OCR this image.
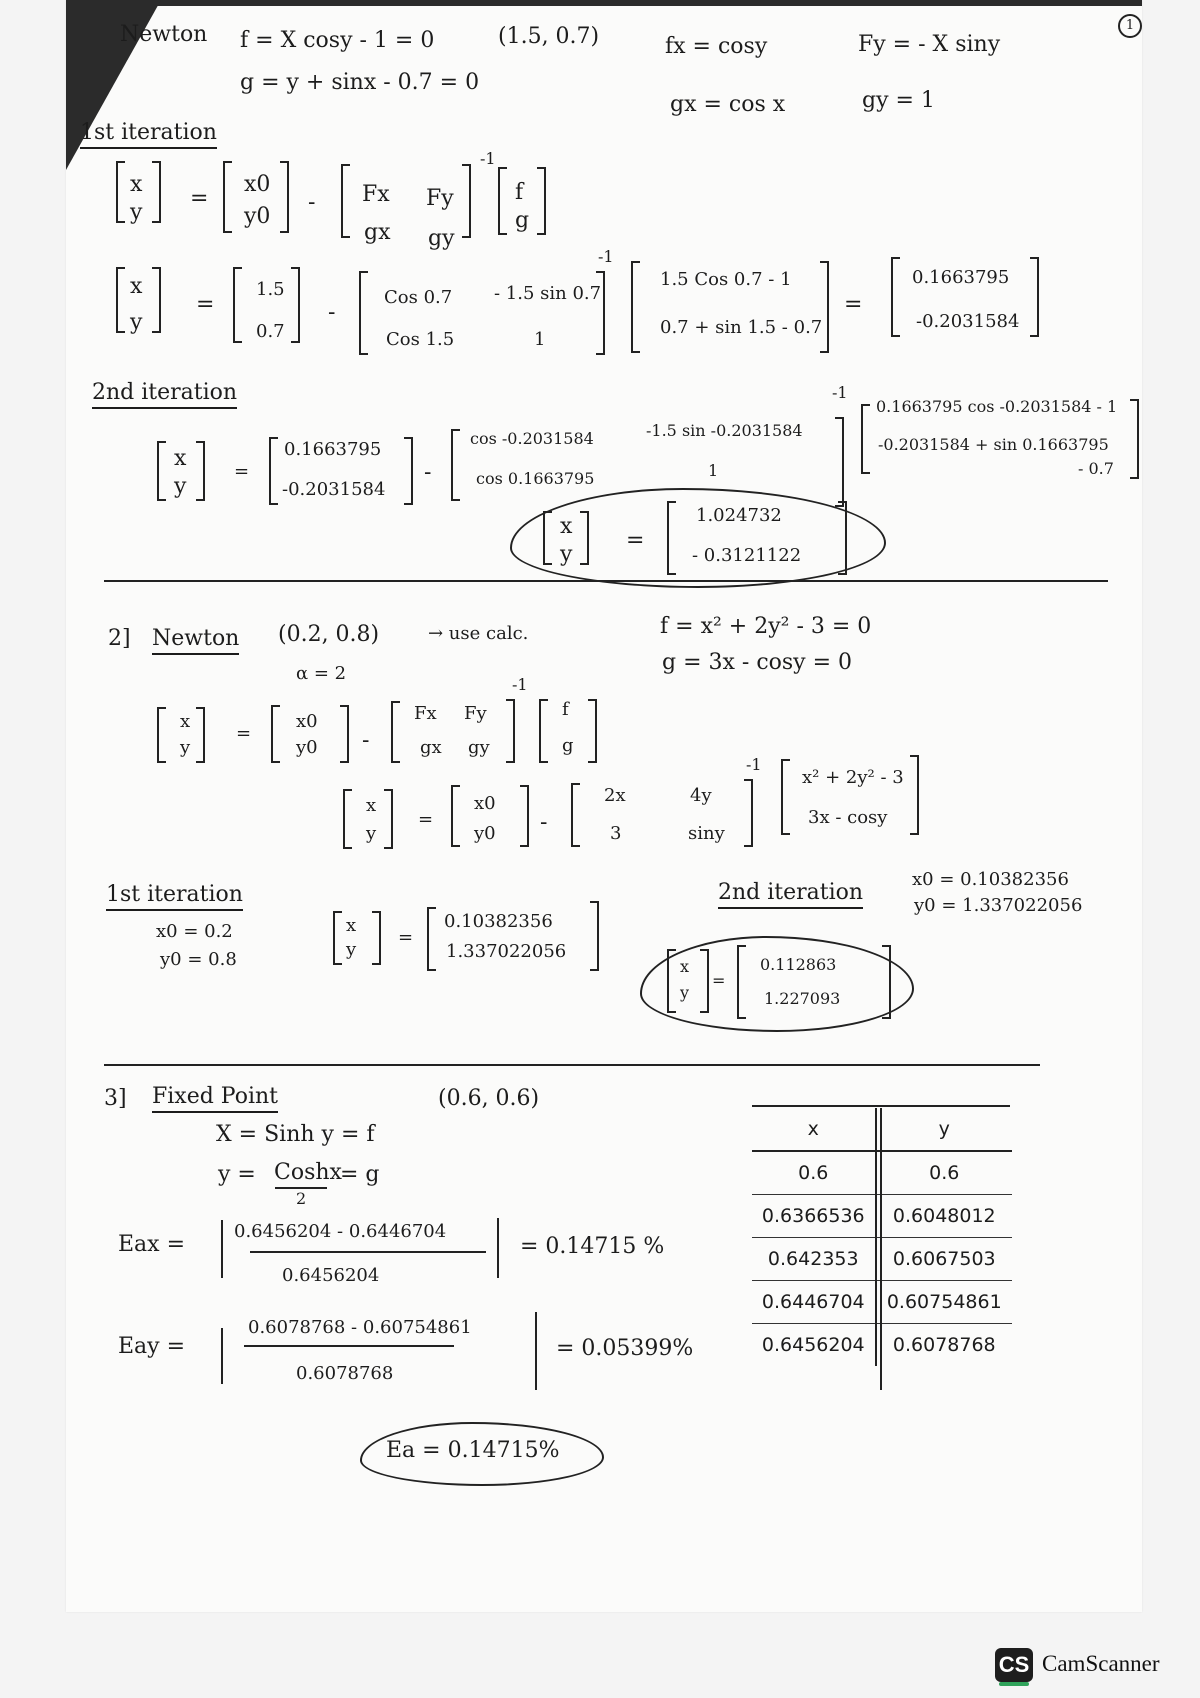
1
Newton f = X cosy - 1 = 0
g = y + sinx - 0.7 = 0
(1.5, 0.7)	fx = cosy	Fy = - X siny
gx = cos x	gy = 1
1st iteration
x
y
=
x0
y0
- Fx Fy
gx gy
-1
f
g
x
y
=
1.5
0.7
-
Cos 0.7 - 1.5 sin 0.7
Cos 1.5	1
-1
1.5 Cos 0.7 - 1
0.7 + sin 1.5 - 0.7
=
0.1663795
-0.2031584
2nd iteration
x
y
=
0.1663795
-0.2031584
-
cos -0.2031584	-1.5 sin -0.2031584
cos 0.1663795	1
-1
0.1663795 cos -0.2031584 - 1
-0.2031584 + sin 0.1663795
- 0.7
x
y
=
1.024732
- 0.3121122
2] Newton (0.2, 0.8)	→ use calc.
α = 2
f = x² + 2y² - 3 = 0
g = 3x - cosy = 0
x
y
=
x0
y0 -
Fx Fy
gx gy
-1
f
g
x
y
=
x0
y0 -
2x	4y
3	siny
-1
x² + 2y² - 3
3x - cosy
1st iteration
x0 = 0.2
y0 = 0.8
x
y
=
0.10382356
1.337022056
2nd iteration
x0 = 0.10382356
y0 = 1.337022056
x
y
=
0.112863
1.227093
3] Fixed Point	(0.6, 0.6)
X = Sinh y = f
y = Coshx
2
= g
Eax =
0.6456204 - 0.6446704
0.6456204
= 0.14715 %
Eay =
0.6078768 - 0.60754861
0.6078768
= 0.05399%
Ea = 0.14715%
x	y
0.6	0.6
0.6366536	0.6048012
0.642353	0.6067503
0.6446704	0.60754861
0.6456204	0.6078768
CS CamScanner
